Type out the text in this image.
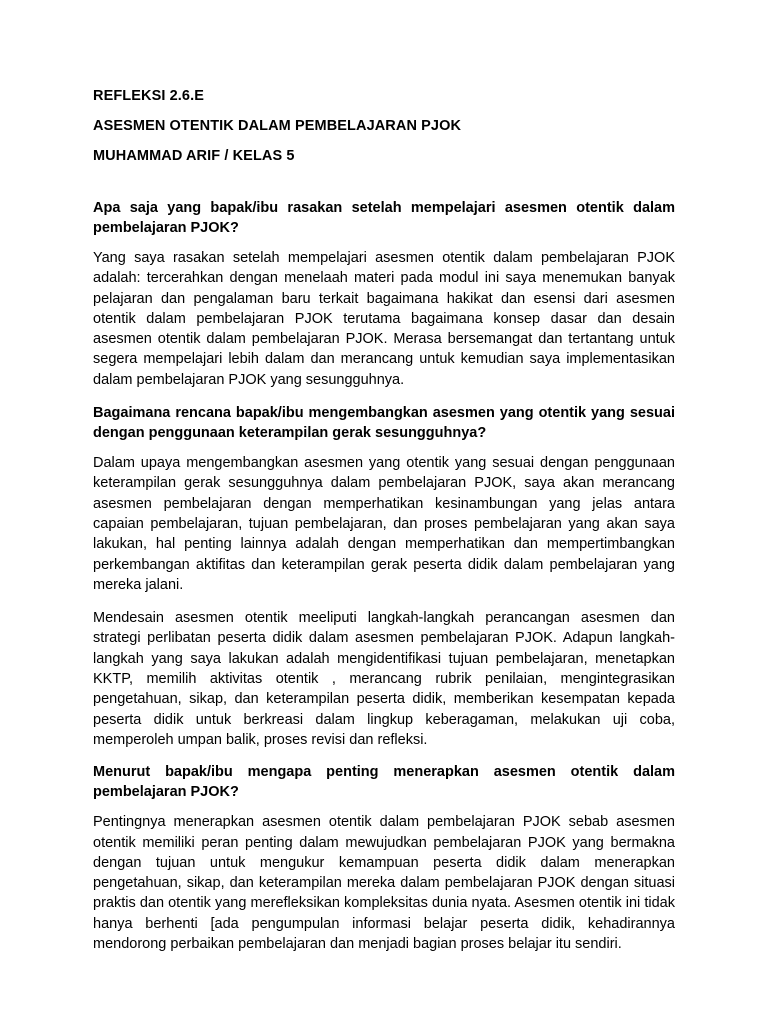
REFLEKSI 2.6.E
ASESMEN OTENTIK DALAM PEMBELAJARAN PJOK
MUHAMMAD ARIF / KELAS 5
Apa saja yang bapak/ibu rasakan setelah mempelajari asesmen otentik dalam pembelajaran PJOK?
Yang saya rasakan setelah mempelajari asesmen otentik dalam pembelajaran PJOK adalah: tercerahkan dengan menelaah materi pada modul ini saya menemukan banyak pelajaran dan pengalaman baru terkait bagaimana hakikat dan esensi dari asesmen otentik dalam pembelajaran PJOK terutama bagaimana konsep dasar dan desain asesmen otentik dalam pembelajaran PJOK. Merasa bersemangat dan tertantang untuk segera mempelajari lebih dalam dan merancang untuk kemudian saya implementasikan dalam pembelajaran PJOK yang sesungguhnya.
Bagaimana rencana bapak/ibu mengembangkan asesmen yang otentik yang sesuai dengan penggunaan keterampilan gerak sesungguhnya?
Dalam upaya mengembangkan asesmen yang otentik yang sesuai dengan penggunaan keterampilan gerak sesungguhnya dalam pembelajaran PJOK, saya akan merancang asesmen pembelajaran dengan memperhatikan kesinambungan yang jelas antara capaian pembelajaran, tujuan pembelajaran, dan proses pembelajaran yang akan saya lakukan, hal penting lainnya adalah dengan memperhatikan dan mempertimbangkan perkembangan aktifitas dan keterampilan gerak peserta didik dalam pembelajaran yang mereka jalani.
Mendesain asesmen otentik meeliputi langkah-langkah perancangan asesmen dan strategi perlibatan peserta didik dalam asesmen pembelajaran PJOK. Adapun langkah-langkah yang saya lakukan adalah mengidentifikasi tujuan pembelajaran, menetapkan KKTP, memilih aktivitas otentik , merancang rubrik penilaian, mengintegrasikan pengetahuan, sikap, dan keterampilan peserta didik, memberikan kesempatan kepada peserta didik untuk berkreasi dalam lingkup keberagaman, melakukan uji coba, memperoleh umpan balik, proses revisi dan refleksi.
Menurut bapak/ibu mengapa penting menerapkan asesmen otentik dalam pembelajaran PJOK?
Pentingnya menerapkan asesmen otentik dalam pembelajaran PJOK sebab asesmen otentik memiliki peran penting dalam mewujudkan pembelajaran PJOK yang bermakna dengan tujuan untuk mengukur kemampuan peserta didik dalam menerapkan pengetahuan, sikap, dan keterampilan mereka dalam pembelajaran PJOK dengan situasi praktis dan otentik yang merefleksikan kompleksitas dunia nyata. Asesmen otentik ini tidak hanya berhenti [ada pengumpulan informasi belajar peserta didik, kehadirannya mendorong perbaikan pembelajaran dan menjadi bagian proses belajar itu sendiri.
